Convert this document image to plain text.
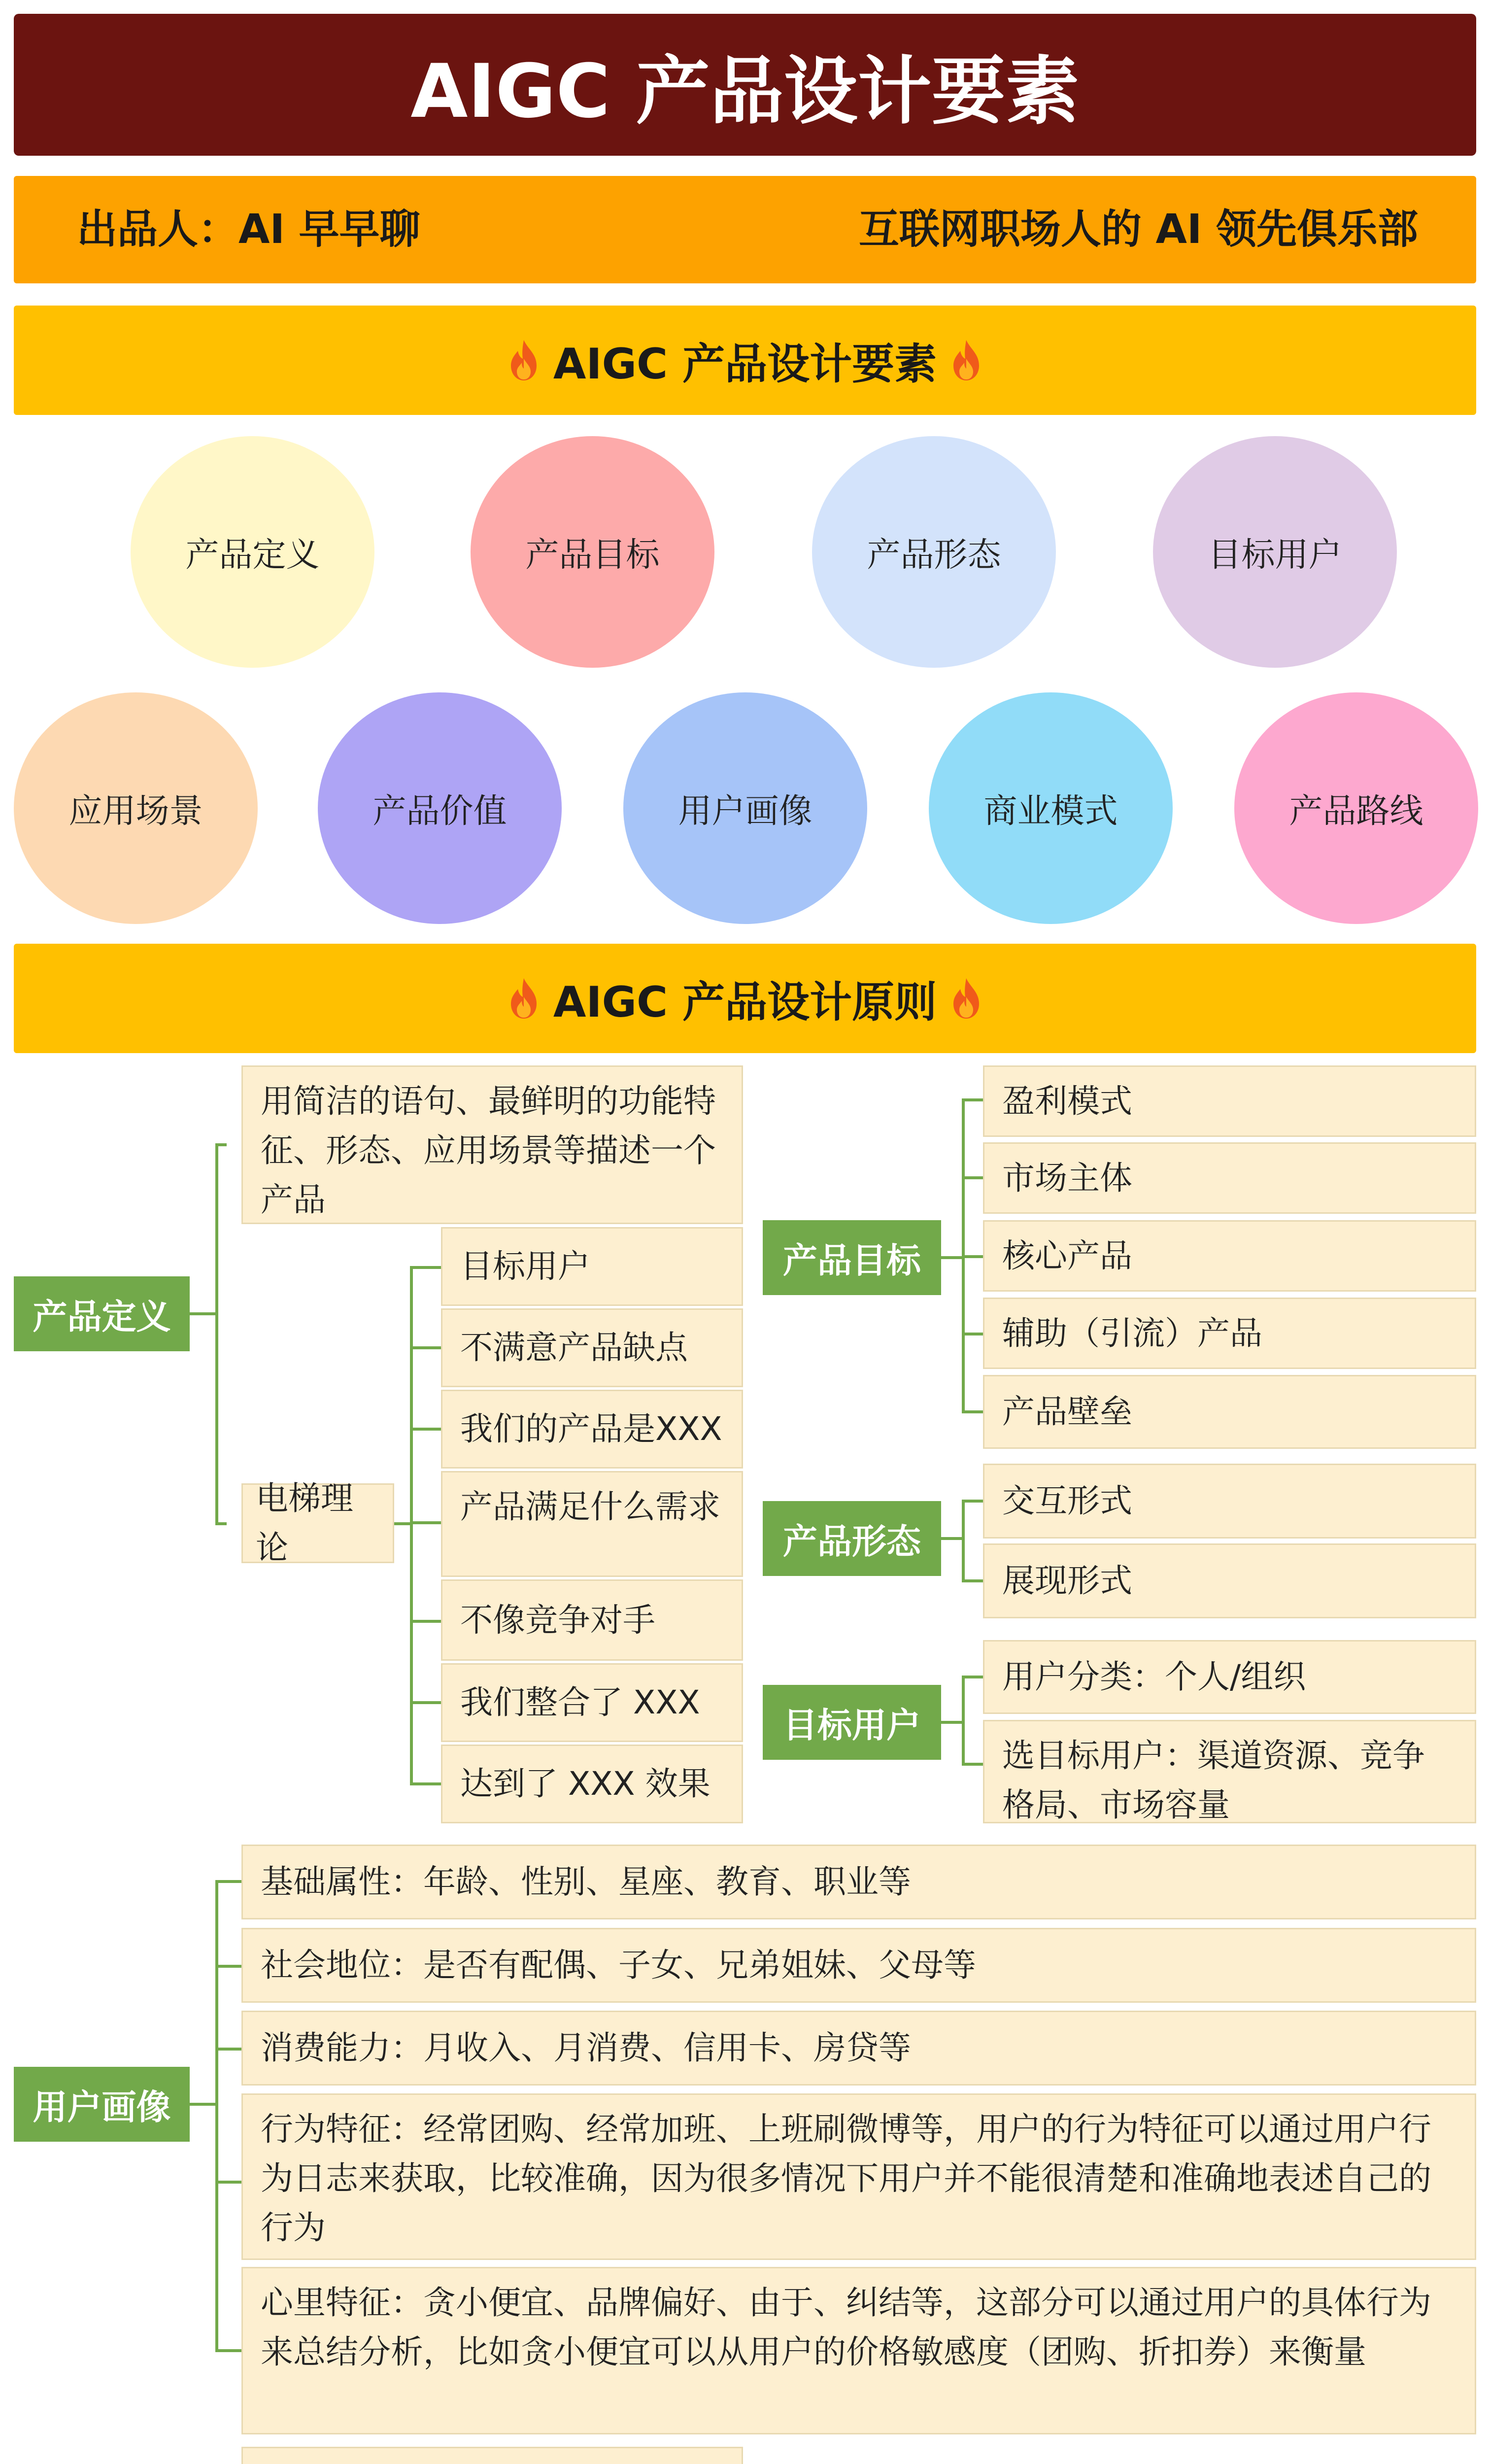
AIGC 产品设计要素
出品人：AI 早早聊	互联网职场人的 AI 领先俱乐部
AIGC 产品设计要素
产品定义	产品目标	产品形态	目标用户
应用场景	产品价值	用户画像	商业模式	产品路线
AIGC 产品设计原则
产品定义
用简洁的语句、最鲜明的功能特征、形态、应用场景等描述一个产品
电梯理论
目标用户
不满意产品缺点
我们的产品是XXX
产品满足什么需求
不像竞争对手
我们整合了 XXX
达到了 XXX 效果
产品目标
盈利模式
市场主体
核心产品
辅助（引流）产品
产品壁垒
产品形态
交互形式
展现形式
目标用户
用户分类：个人/组织
选目标用户：渠道资源、竞争格局、市场容量
用户画像
基础属性：年龄、性别、星座、教育、职业等
社会地位：是否有配偶、子女、兄弟姐妹、父母等
消费能力：月收入、月消费、信用卡、房贷等
行为特征：经常团购、经常加班、上班刷微博等，用户的行为特征可以通过用户行为日志来获取，比较准确，因为很多情况下用户并不能很清楚和准确地表述自己的行为
心里特征：贪小便宜、品牌偏好、由于、纠结等，这部分可以通过用户的具体行为来总结分析，比如贪小便宜可以从用户的价格敏感度（团购、折扣券）来衡量
